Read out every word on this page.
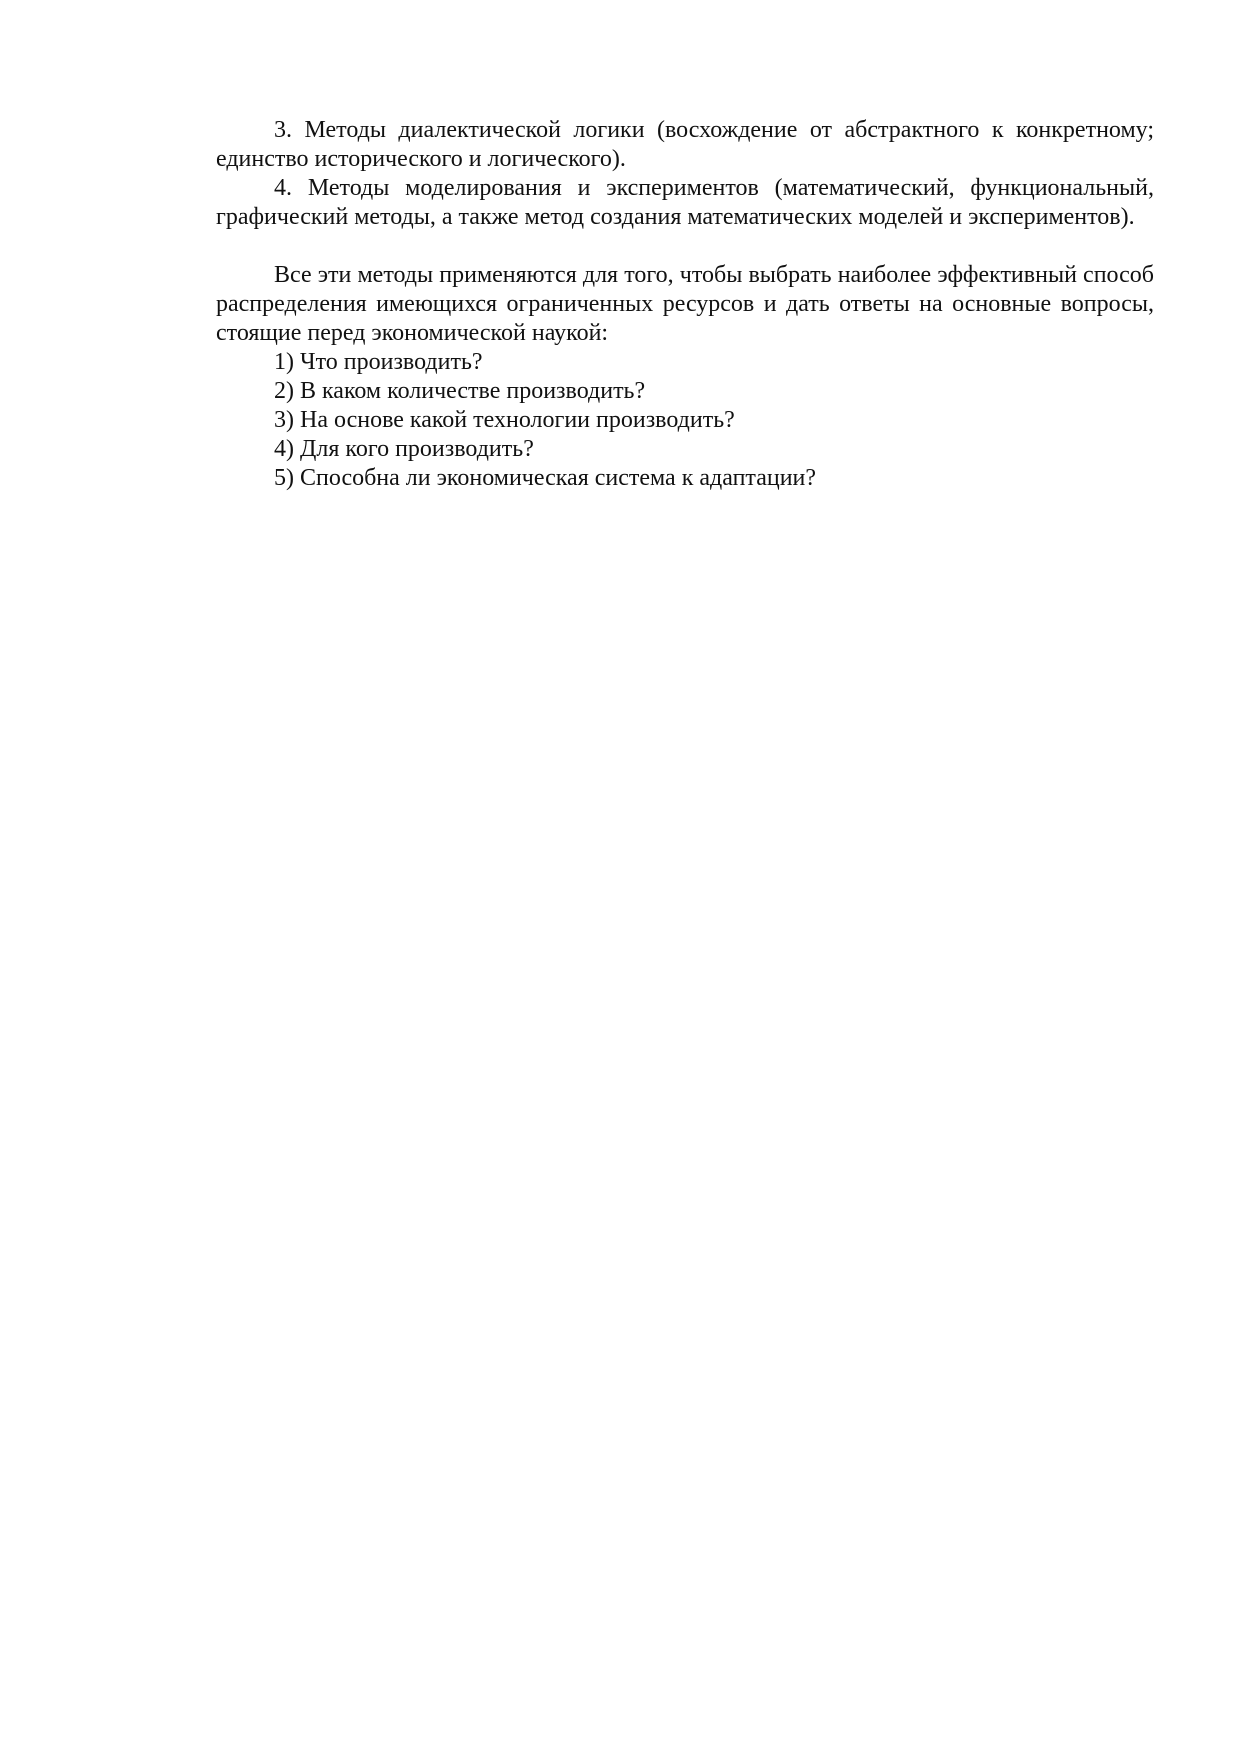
3. Методы диалектической логики (восхождение от абстрактного к конкретному; единство исторического и логического).

4. Методы моделирования и экспериментов (математический, функциональный, графический методы, а также метод создания математических моделей и экспериментов).

Все эти методы применяются для того, чтобы выбрать наиболее эффективный способ распределения имеющихся ограниченных ресурсов и дать ответы на основные вопросы, стоящие перед экономической наукой:

1) Что производить?

2) В каком количестве производить?

3) На основе какой технологии производить?

4) Для кого производить?

5) Способна ли экономическая система к адаптации?
